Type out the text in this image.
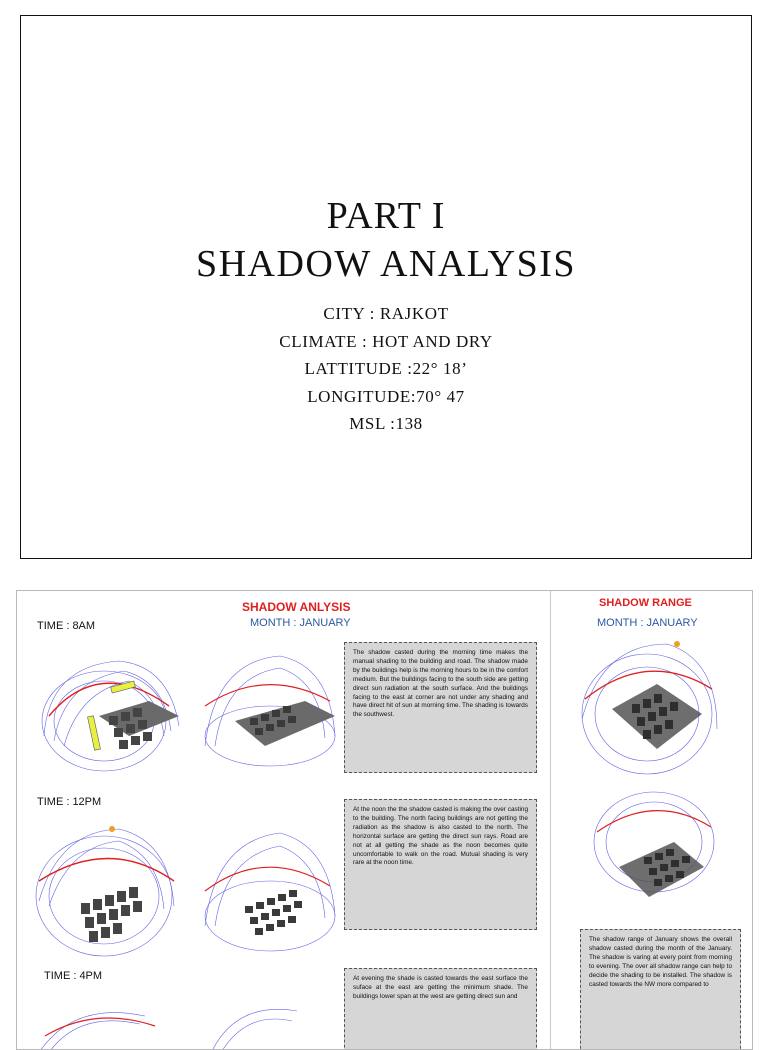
PART I
SHADOW ANALYSIS
CITY : RAJKOT
CLIMATE : HOT AND DRY
LATTITUDE :22° 18’
LONGITUDE:70° 47
MSL :138
SHADOW ANLYSIS
MONTH : JANUARY
SHADOW RANGE
MONTH : JANUARY
TIME : 8AM
TIME : 12PM
TIME : 4PM
The shadow casted during the morning time makes the manual shading to the building and road. The shadow made by the buildings help is the morning hours to be in the comfort medium. But the buildings facing to the south side are getting direct sun radiation at the south surface. And the buildings facing to the east at corner are not under any shading and have direct hit of sun at morning time. The shading is towards the southwest.
At the noon the the shadow casted is making the over casting to the building. The north facing buildings are not getting the radiation as the shadow is also casted to the north. The horizontal surface are getting the direct sun rays. Road are not at all getting the shade as the noon becomes quite uncomfortable to walk on the road. Mutual shading is very rare at the noon time.
At evening the shade is casted towards the east surface the suface at the east are getting the minimum shade. The buildings lower span at the west are getting direct sun and
The shadow range of January shows the overall shadow casted during the month of the January. The shadow is varing at every point from morning to evening. The over all shadow range can help to decide the shading to be installed. The shadow is casted towards the NW more compared to
